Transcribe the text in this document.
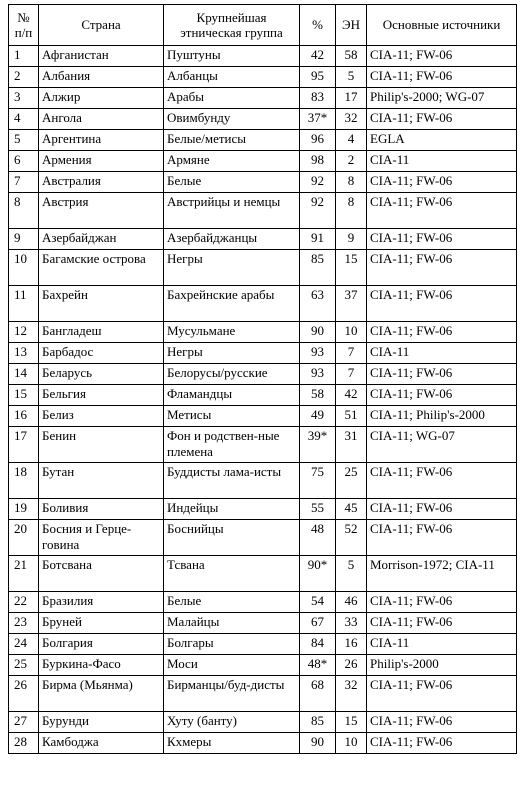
№ п/п	Страна	Крупнейшая этническая группа	%	ЭН	Основные источники
1	Афганистан	Пуштуны	42	58	CIA-11; FW-06
2	Албания	Албанцы	95	5	CIA-11; FW-06
3	Алжир	Арабы	83	17	Philip's-2000; WG-07
4	Ангола	Овимбунду	37*	32	CIA-11; FW-06
5	Аргентина	Белые/метисы	96	4	EGLA
6	Армения	Армяне	98	2	CIA-11
7	Австралия	Белые	92	8	CIA-11; FW-06
8	Австрия	Австрийцы и немцы	92	8	CIA-11; FW-06
9	Азербайджан	Азербайджанцы	91	9	CIA-11; FW-06
10	Багамские острова	Негры	85	15	CIA-11; FW-06
11	Бахрейн	Бахрейнские арабы	63	37	CIA-11; FW-06
12	Бангладеш	Мусульмане	90	10	CIA-11; FW-06
13	Барбадос	Негры	93	7	CIA-11
14	Беларусь	Белорусы/русские	93	7	CIA-11; FW-06
15	Бельгия	Фламандцы	58	42	CIA-11; FW-06
16	Белиз	Метисы	49	51	CIA-11; Philip's-2000
17	Бенин	Фон и родствен-ные племена	39*	31	CIA-11; WG-07
18	Бутан	Буддисты лама-исты	75	25	CIA-11; FW-06
19	Боливия	Индейцы	55	45	CIA-11; FW-06
20	Босния и Герце-говина	Боснийцы	48	52	CIA-11; FW-06
21	Ботсвана	Тсвана	90*	5	Morrison-1972; CIA-11
22	Бразилия	Белые	54	46	CIA-11; FW-06
23	Бруней	Малайцы	67	33	CIA-11; FW-06
24	Болгария	Болгары	84	16	CIA-11
25	Буркина-Фасо	Моси	48*	26	Philip's-2000
26	Бирма (Мьянма)	Бирманцы/буд-дисты	68	32	CIA-11; FW-06
27	Бурунди	Хуту (банту)	85	15	CIA-11; FW-06
28	Камбоджа	Кхмеры	90	10	CIA-11; FW-06
